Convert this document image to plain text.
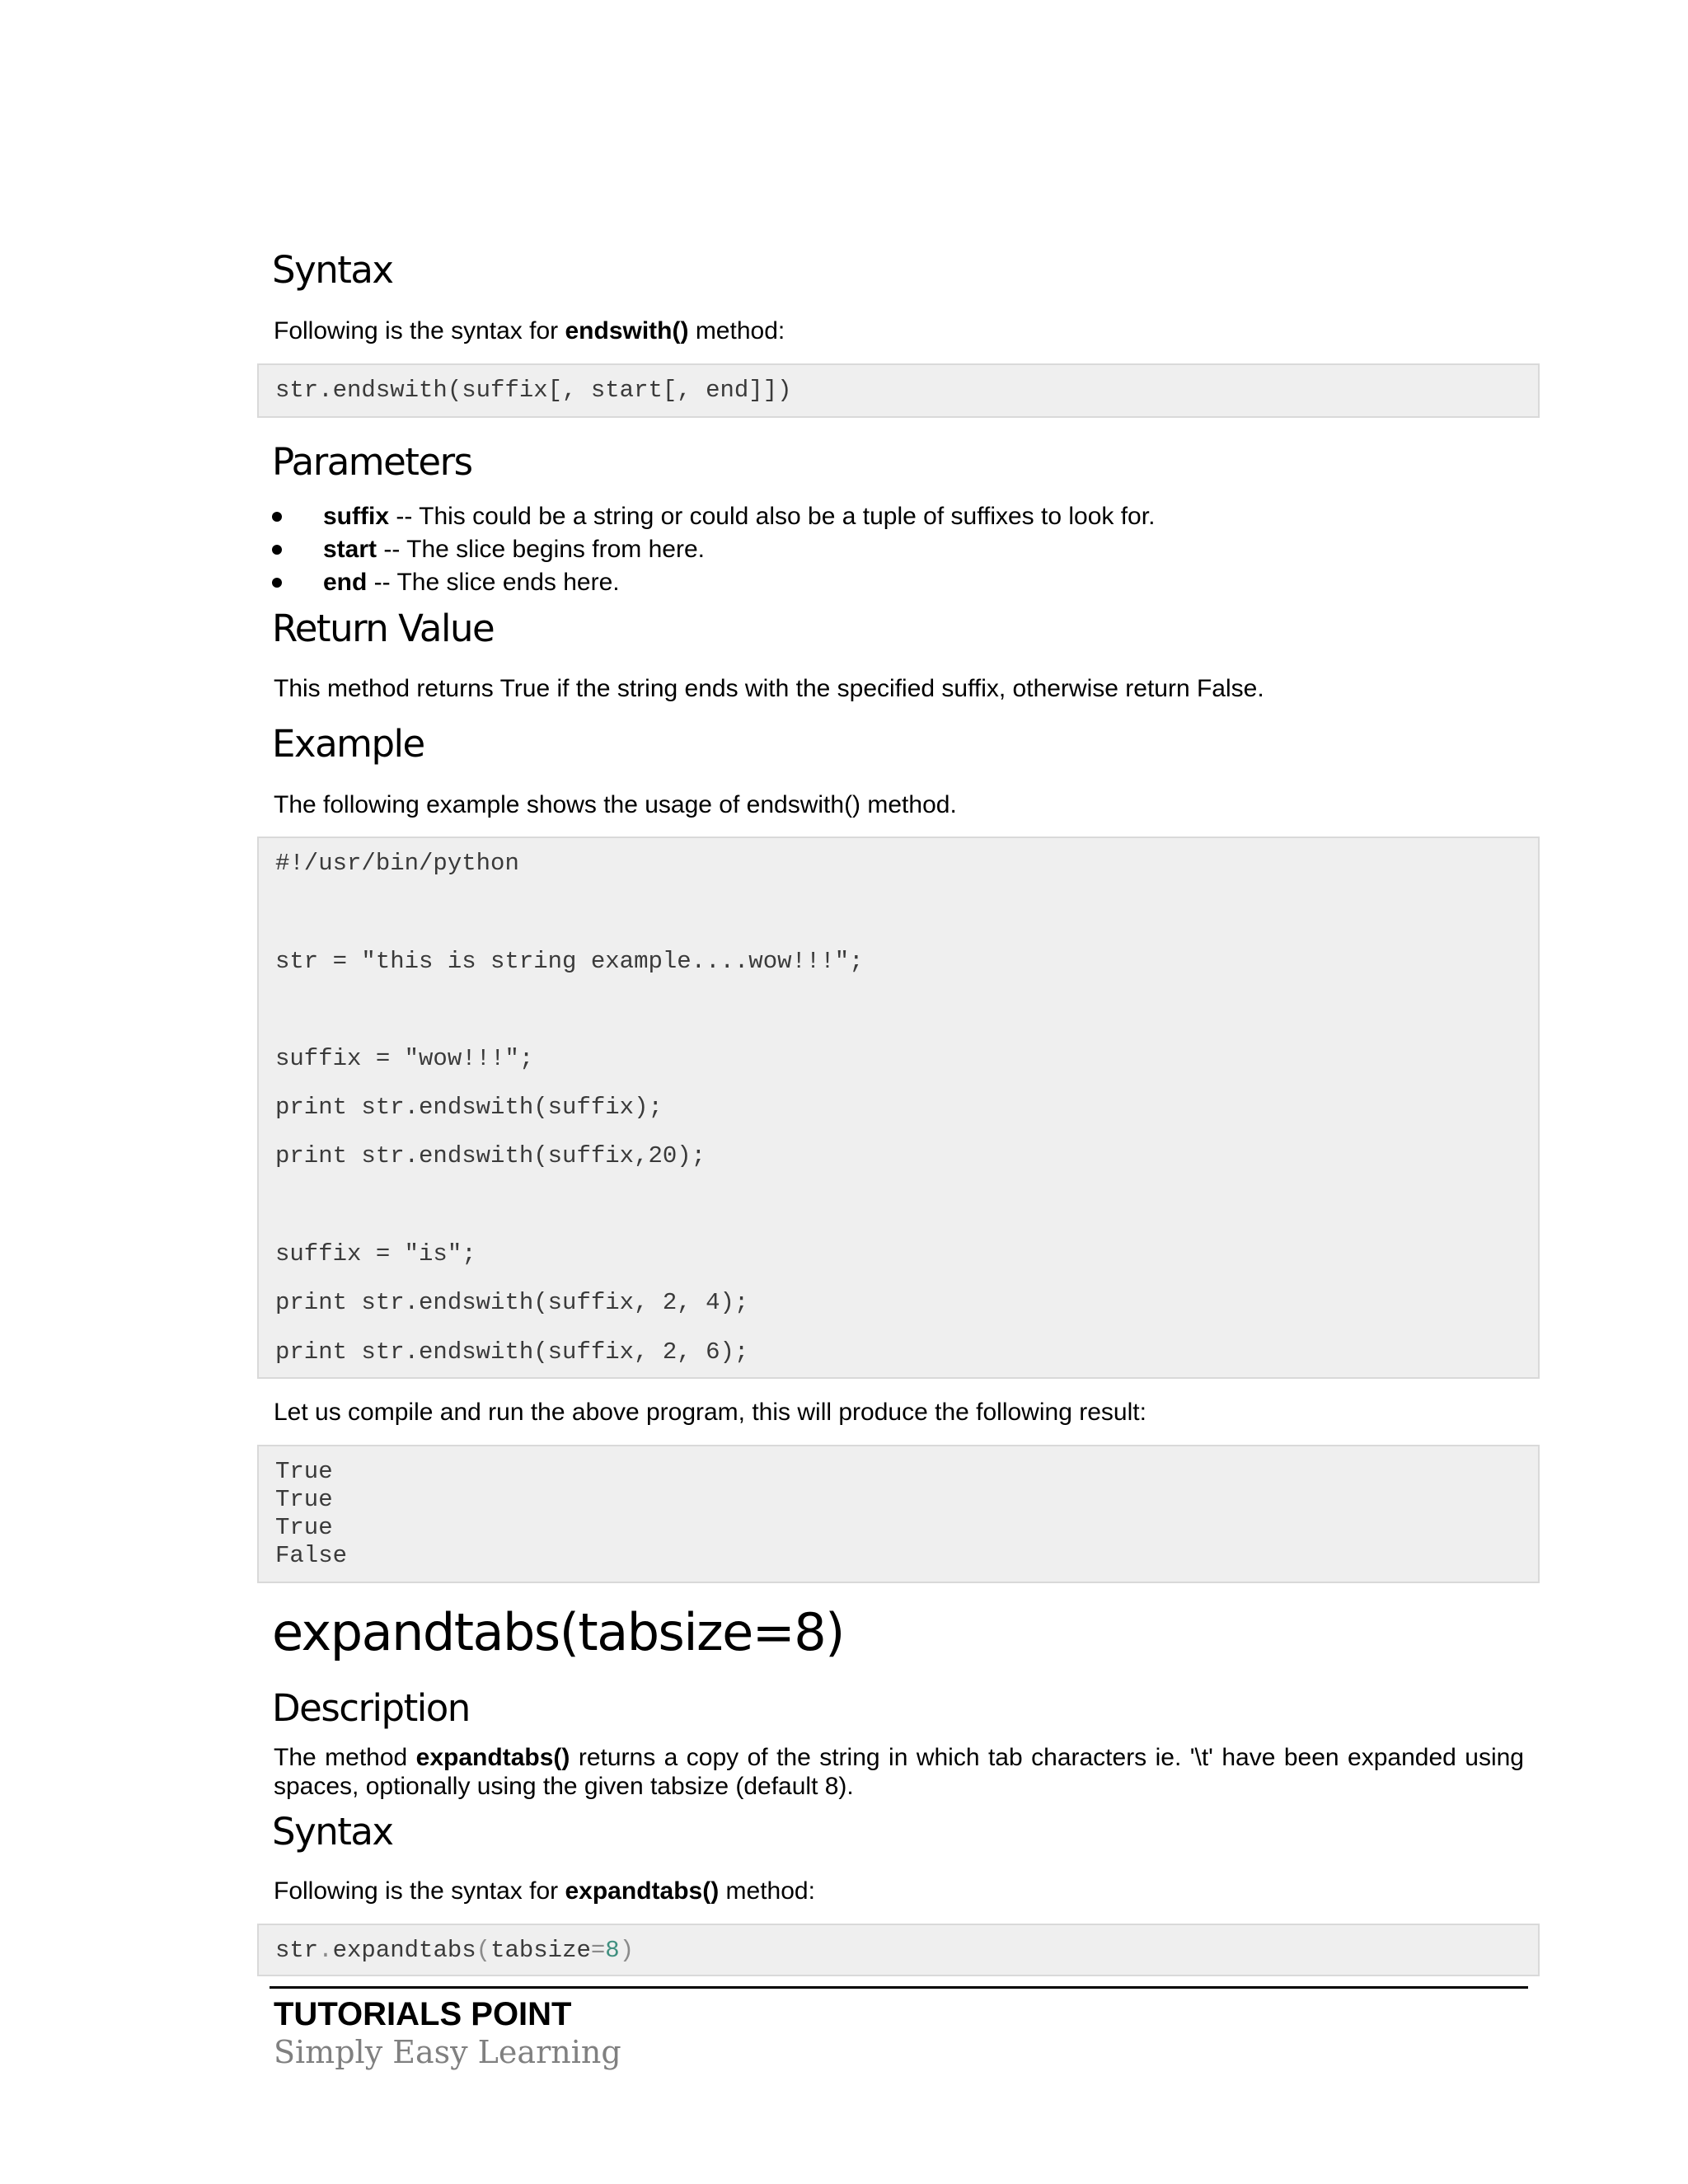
Syntax
Following is the syntax for endswith() method:
str.endswith(suffix[, start[, end]])
Parameters
suffix -- This could be a string or could also be a tuple of suffixes to look for.
start -- The slice begins from here.
end -- The slice ends here.
Return Value
This method returns True if the string ends with the specified suffix, otherwise return False.
Example
The following example shows the usage of endswith() method.
#!/usr/bin/python
str = "this is string example....wow!!!";
suffix = "wow!!!";
print str.endswith(suffix);
print str.endswith(suffix,20);
suffix = "is";
print str.endswith(suffix, 2, 4);
print str.endswith(suffix, 2, 6);
Let us compile and run the above program, this will produce the following result:
True
True
True
False
expandtabs(tabsize=8)
Description
The method expandtabs() returns a copy of the string in which tab characters ie. '\t' have been expanded using spaces, optionally using the given tabsize (default 8).
Syntax
Following is the syntax for expandtabs() method:
str.expandtabs(tabsize=8)
TUTORIALS POINT
Simply Easy Learning
